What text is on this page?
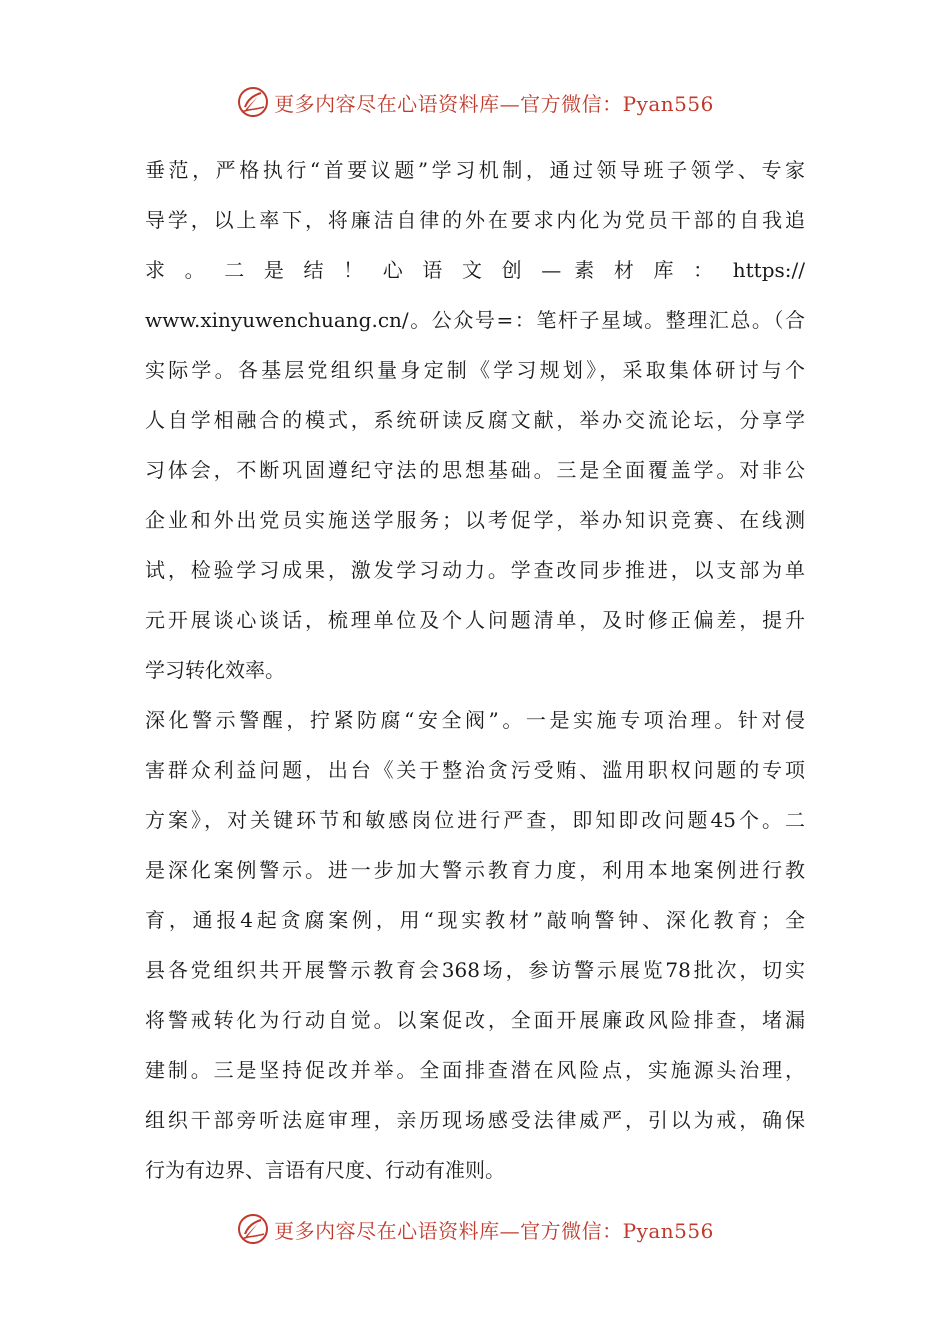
更多内容尽在心语资料库—官方微信：Pyan556
垂范，严格执行“首要议题”学习机制，通过领导班子领学、专家
导学，以上率下，将廉洁自律的外在要求内化为党员干部的自我追
求 。 二 是 结 ！ 心 语 文 创 — 素 材 库 ： https://
www.xinyuwenchuang.cn/。公众号=：笔杆子星域。整理汇总。（合
实际学。各基层党组织量身定制《学习规划》，采取集体研讨与个
人自学相融合的模式，系统研读反腐文献，举办交流论坛，分享学
习体会，不断巩固遵纪守法的思想基础。三是全面覆盖学。对非公
企业和外出党员实施送学服务；以考促学，举办知识竞赛、在线测
试，检验学习成果，激发学习动力。学查改同步推进，以支部为单
元开展谈心谈话，梳理单位及个人问题清单，及时修正偏差，提升
学习转化效率。
深化警示警醒，拧紧防腐“安全阀”。一是实施专项治理。针对侵
害群众利益问题，出台《关于整治贪污受贿、滥用职权问题的专项
方案》，对关键环节和敏感岗位进行严查，即知即改问题45个。二
是深化案例警示。进一步加大警示教育力度，利用本地案例进行教
育，通报4起贪腐案例，用“现实教材”敲响警钟、深化教育；全
县各党组织共开展警示教育会368场，参访警示展览78批次，切实
将警戒转化为行动自觉。以案促改，全面开展廉政风险排查，堵漏
建制。三是坚持促改并举。全面排查潜在风险点，实施源头治理，
组织干部旁听法庭审理，亲历现场感受法律威严，引以为戒，确保
行为有边界、言语有尺度、行动有准则。
更多内容尽在心语资料库—官方微信：Pyan556
